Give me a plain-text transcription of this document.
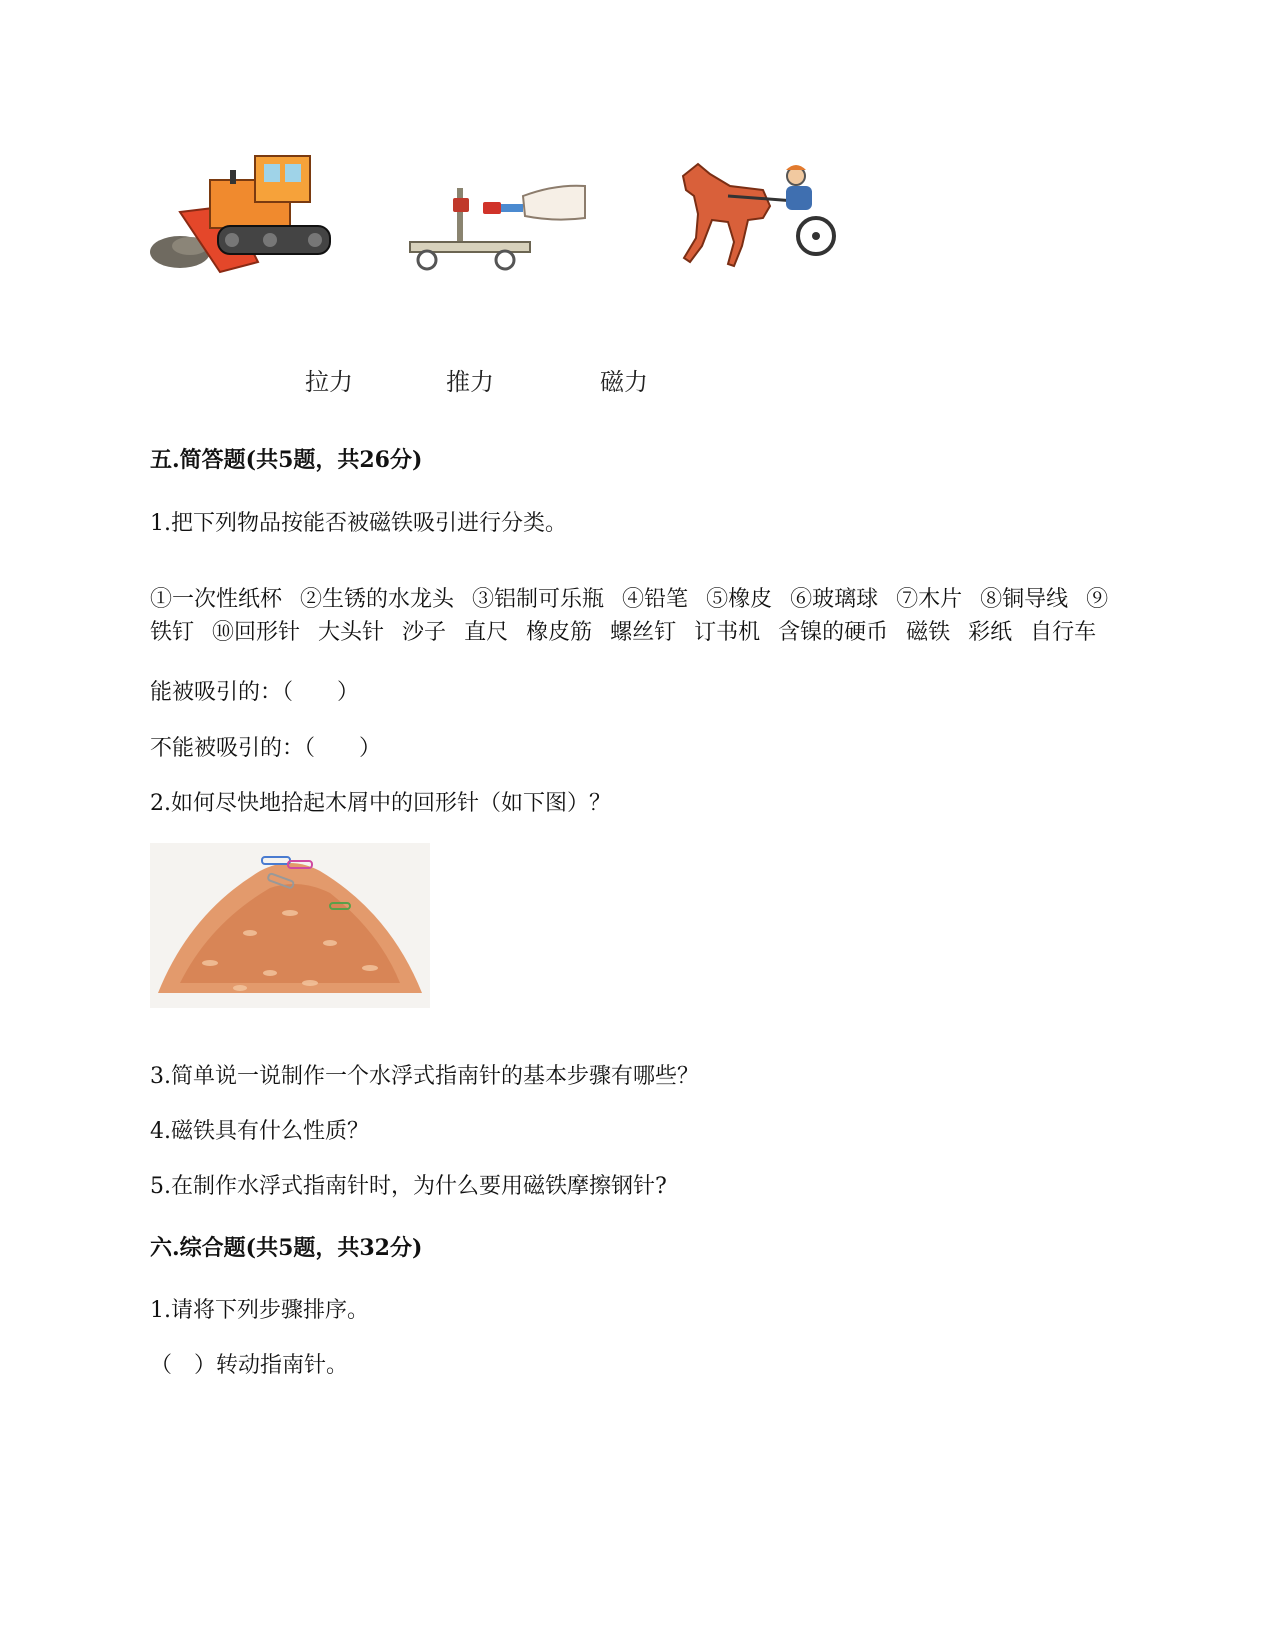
拉力	推力	磁力
五.简答题(共5题，共26分)
1.把下列物品按能否被磁铁吸引进行分类。
①一次性纸杯 ②生锈的水龙头 ③铝制可乐瓶 ④铅笔 ⑤橡皮 ⑥玻璃球 ⑦木片 ⑧铜导线 ⑨铁钉 ⑩回形针 大头针 沙子 直尺 橡皮筋 螺丝钉 订书机 含镍的硬币 磁铁 彩纸 自行车
能被吸引的：（　　）
不能被吸引的：（　　）
2.如何尽快地拾起木屑中的回形针（如下图）？
3.简单说一说制作一个水浮式指南针的基本步骤有哪些？
4.磁铁具有什么性质？
5.在制作水浮式指南针时，为什么要用磁铁摩擦钢针?
六.综合题(共5题，共32分)
1.请将下列步骤排序。
（　）转动指南针。
